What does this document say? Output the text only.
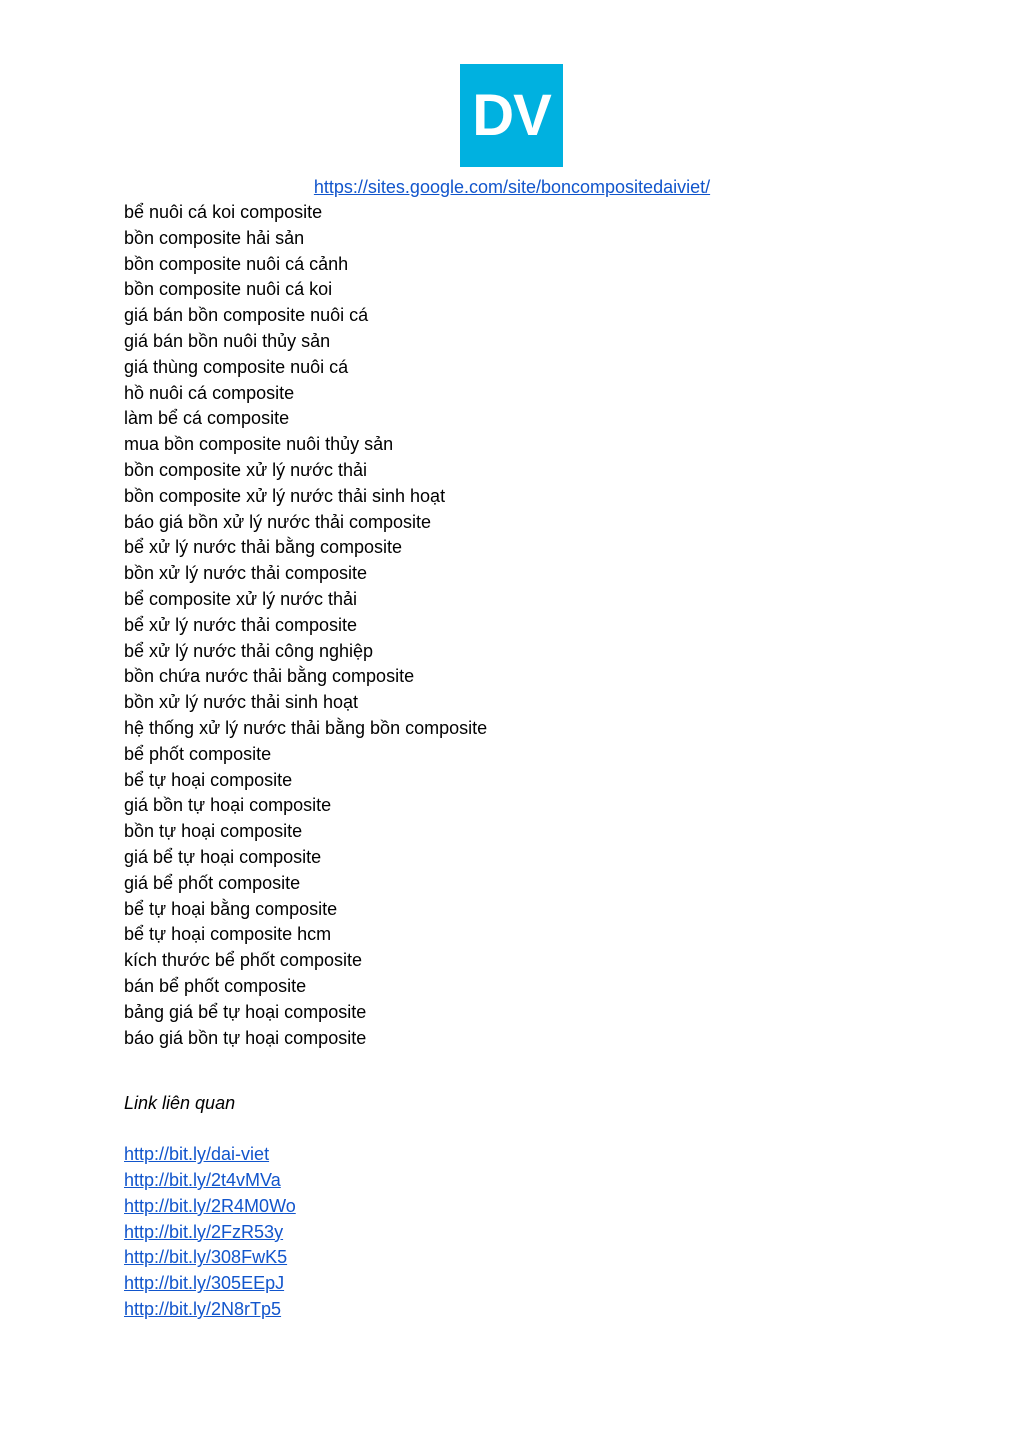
DV
https://sites.google.com/site/boncompositedaiviet/
bể nuôi cá koi composite
bồn composite hải sản
bồn composite nuôi cá cảnh
bồn composite nuôi cá koi
giá bán bồn composite nuôi cá
giá bán bồn nuôi thủy sản
giá thùng composite nuôi cá
hồ nuôi cá composite
làm bể cá composite
mua bồn composite nuôi thủy sản
bồn composite xử lý nước thải
bồn composite xử lý nước thải sinh hoạt
báo giá bồn xử lý nước thải composite
bể xử lý nước thải bằng composite
bồn xử lý nước thải composite
bể composite xử lý nước thải
bể xử lý nước thải composite
bể xử lý nước thải công nghiệp
bồn chứa nước thải bằng composite
bồn xử lý nước thải sinh hoạt
hệ thống xử lý nước thải bằng bồn composite
bể phốt composite
bể tự hoại composite
giá bồn tự hoại composite
bồn tự hoại composite
giá bể tự hoại composite
giá bể phốt composite
bể tự hoại bằng composite
bể tự hoại composite hcm
kích thước bể phốt composite
bán bể phốt composite
bảng giá bể tự hoại composite
báo giá bồn tự hoại composite
Link liên quan
http://bit.ly/dai-viet
http://bit.ly/2t4vMVa
http://bit.ly/2R4M0Wo
http://bit.ly/2FzR53y
http://bit.ly/308FwK5
http://bit.ly/305EEpJ
http://bit.ly/2N8rTp5
